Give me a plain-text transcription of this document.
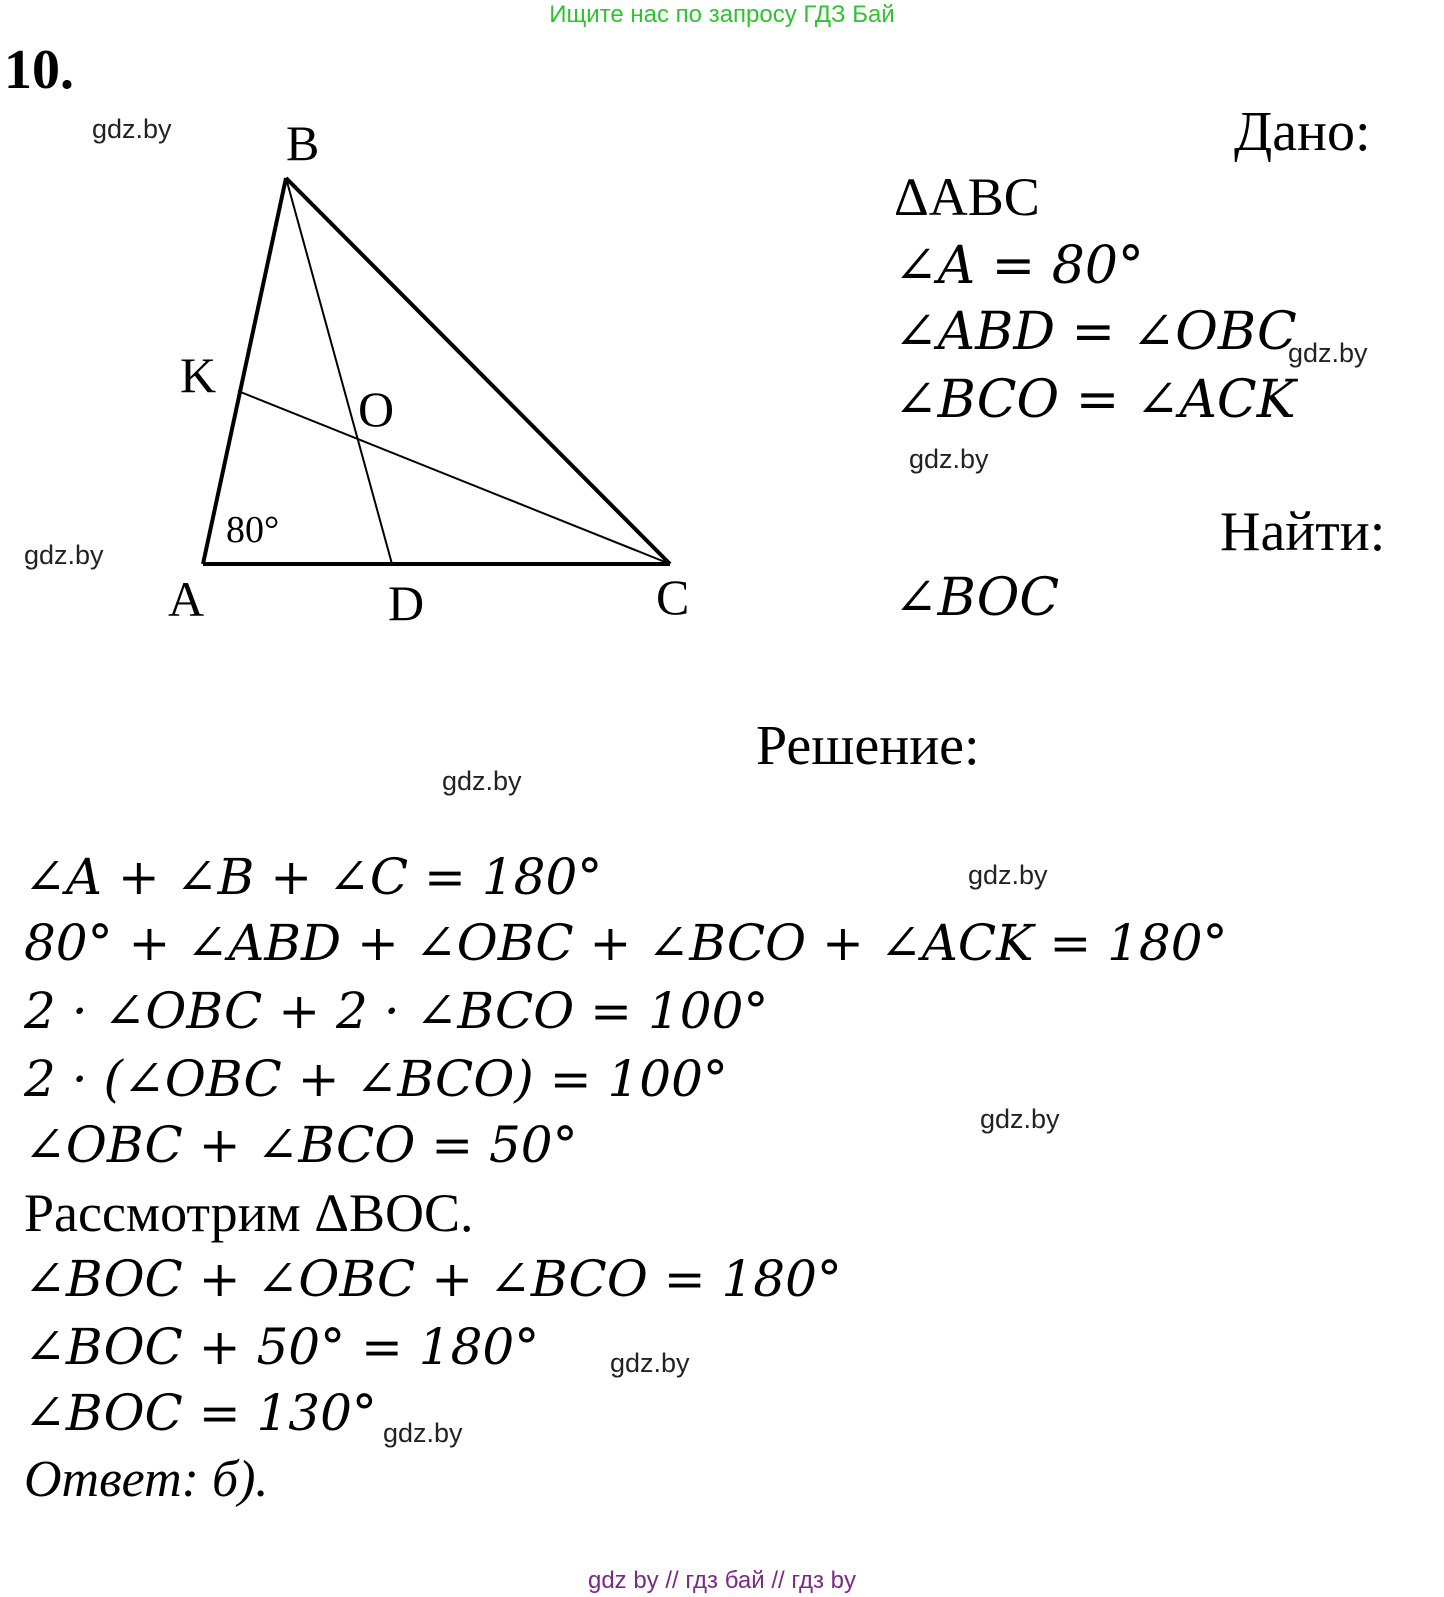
Ищите нас по запросу ГДЗ Бай
10.
gdz.by
gdz.by
gdz.by
gdz.by
gdz.by
gdz.by
gdz.by
gdz.by
gdz.by
B
K
O
A	D	C
80°
Дано:
ΔABC
∠A = 80°
∠ABD = ∠OBC
∠BCO = ∠ACK
Найти:
∠BOC
Решение:
∠A + ∠B + ∠C = 180°
80° + ∠ABD + ∠OBC + ∠BCO + ∠ACK = 180°
2 · ∠OBC + 2 · ∠BCO = 100°
2 · (∠OBC + ∠BCO) = 100°
∠OBC + ∠BCO = 50°
Рассмотрим ΔBOC.
∠BOC + ∠OBC + ∠BCO = 180°
∠BOC + 50° = 180°
∠BOC = 130°
Ответ: б).
gdz by // гдз бай // гдз by
